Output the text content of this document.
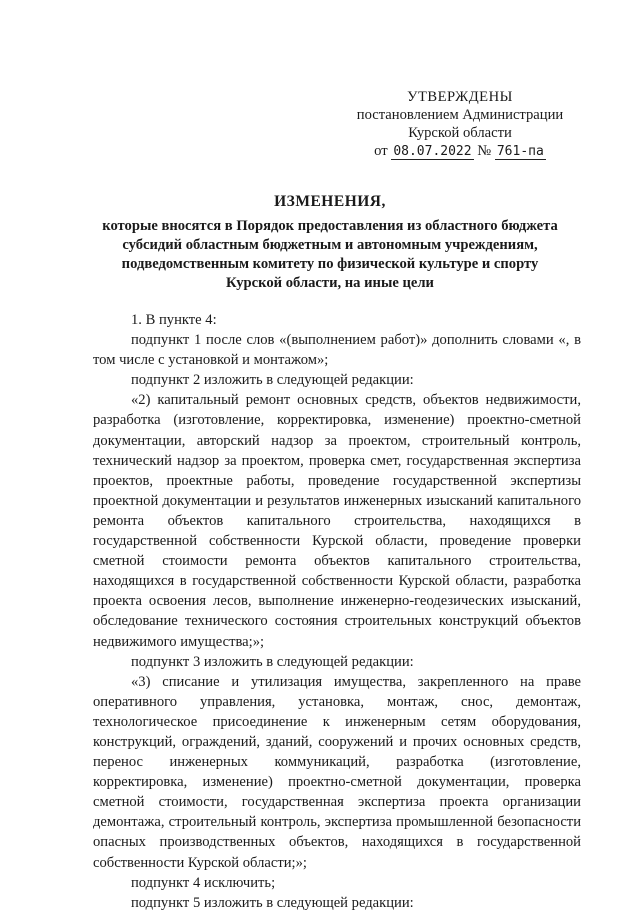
УТВЕРЖДЕНЫ
постановлением Администрации
Курской области
от 08.07.2022 № 761-па
ИЗМЕНЕНИЯ,
которые вносятся в Порядок предоставления из областного бюджета
субсидий областным бюджетным и автономным учреждениям,
подведомственным комитету по физической культуре и спорту
Курской области, на иные цели

1. В пункте 4:

подпункт 1 после слов «(выполнением работ)» дополнить словами «, в том числе с установкой и монтажом»;

подпункт 2 изложить в следующей редакции:

«2) капитальный ремонт основных средств, объектов недвижимости, разработка (изготовление, корректировка, изменение) проектно-сметной документации, авторский надзор за проектом, строительный контроль, технический надзор за проектом, проверка смет, государственная экспертиза проектов, проектные работы, проведение государственной экспертизы проектной документации и результатов инженерных изысканий капитального ремонта объектов капитального строительства, находящихся в государственной собственности Курской области, проведение проверки сметной стоимости ремонта объектов капитального строительства, находящихся в государственной собственности Курской области, разработка проекта освоения лесов, выполнение инженерно-геодезических изысканий, обследование технического состояния строительных конструкций объектов недвижимого имущества;»;

подпункт 3 изложить в следующей редакции:

«3) списание и утилизация имущества, закрепленного на праве оперативного управления, установка, монтаж, снос, демонтаж, технологическое присоединение к инженерным сетям оборудования, конструкций, ограждений, зданий, сооружений и прочих основных средств, перенос инженерных коммуникаций, разработка (изготовление, корректировка, изменение) проектно-сметной документации, проверка сметной стоимости, государственная экспертиза проекта организации демонтажа, строительный контроль, экспертиза промышленной безопасности опасных производственных объектов, находящихся в государственной собственности Курской области;»;

подпункт 4 исключить;

подпункт 5 изложить в следующей редакции:
